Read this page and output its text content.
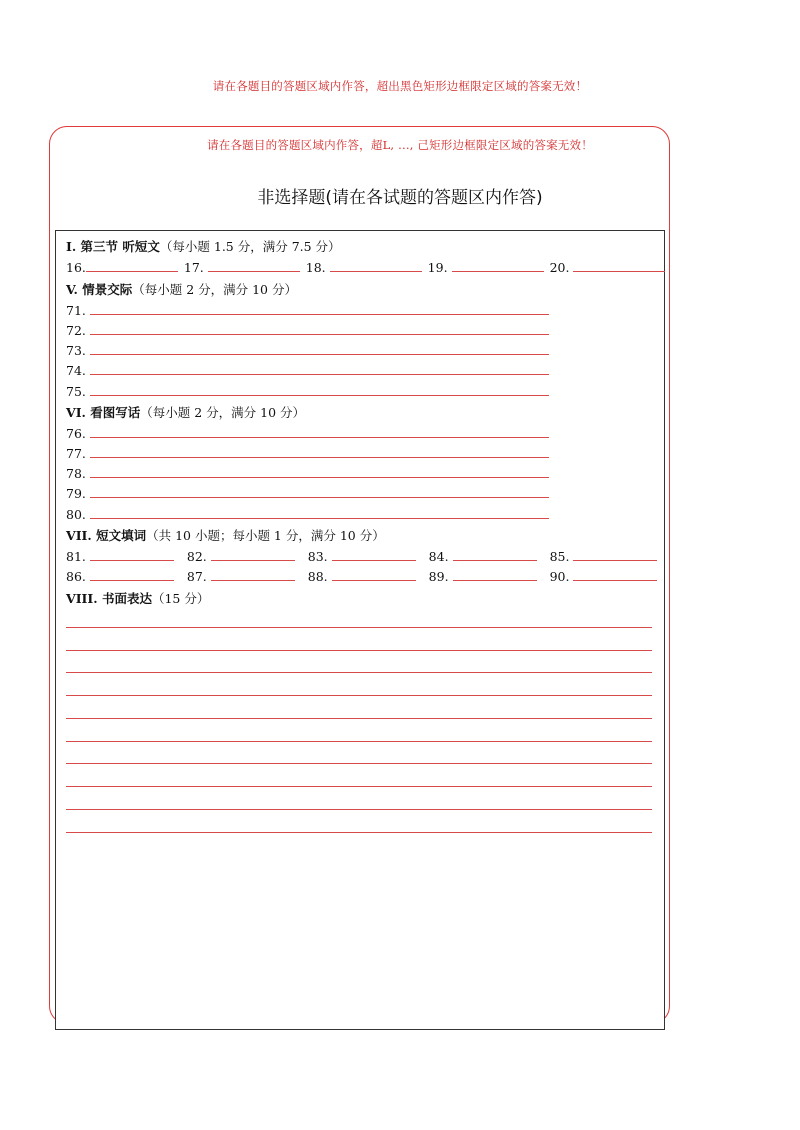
请在各题目的答题区域内作答，超出黑色矩形边框限定区域的答案无效！
请在各题目的答题区域内作答，超L, ..., 己矩形边框限定区域的答案无效！
非选择题(请在各试题的答题区内作答)
I. 第三节 听短文（每小题 1.5 分，满分 7.5 分）
16.	17.	18.	19.	20.
V. 情景交际（每小题 2 分，满分 10 分）
71.
72.
73.
74.
75.
VI. 看图写话（每小题 2 分，满分 10 分）
76.
77.
78.
79.
80.
VII. 短文填词（共 10 小题；每小题 1 分，满分 10 分）
81.	82.	83.	84.	85.
86.	87.	88.	89.	90.
VIII. 书面表达（15 分）
